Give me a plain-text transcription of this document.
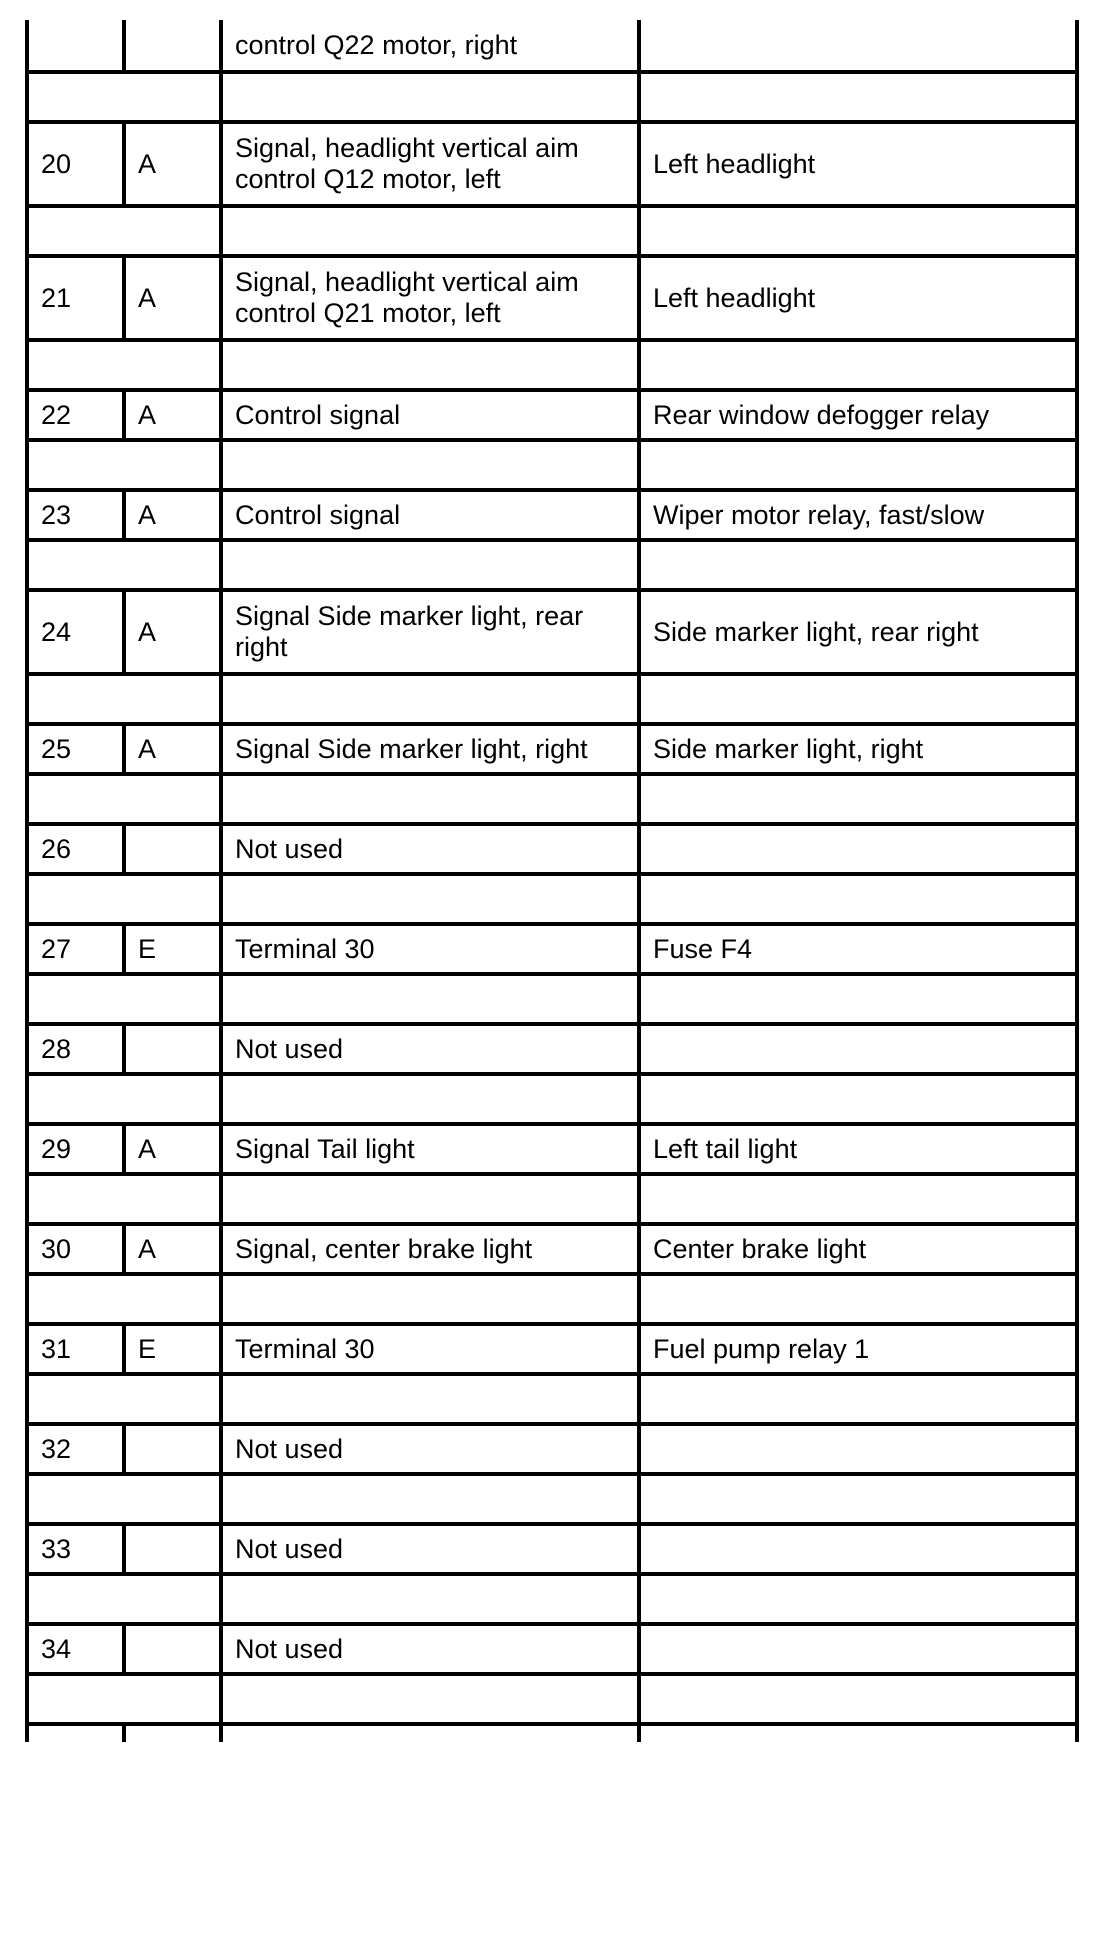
		control Q22 motor, right	

20	A	Signal, headlight vertical aim
control Q12 motor, left	Left headlight

21	A	Signal, headlight vertical aim
control Q21 motor, left	Left headlight

22	A	Control signal	Rear window defogger relay

23	A	Control signal	Wiper motor relay, fast/slow

24	A	Signal Side marker light, rear
right	Side marker light, rear right

25	A	Signal Side marker light, right	Side marker light, right

26		Not used	

27	E	Terminal 30	Fuse F4

28		Not used	

29	A	Signal Tail light	Left tail light

30	A	Signal, center brake light	Center brake light

31	E	Terminal 30	Fuel pump relay 1

32		Not used	

33		Not used	

34		Not used	
